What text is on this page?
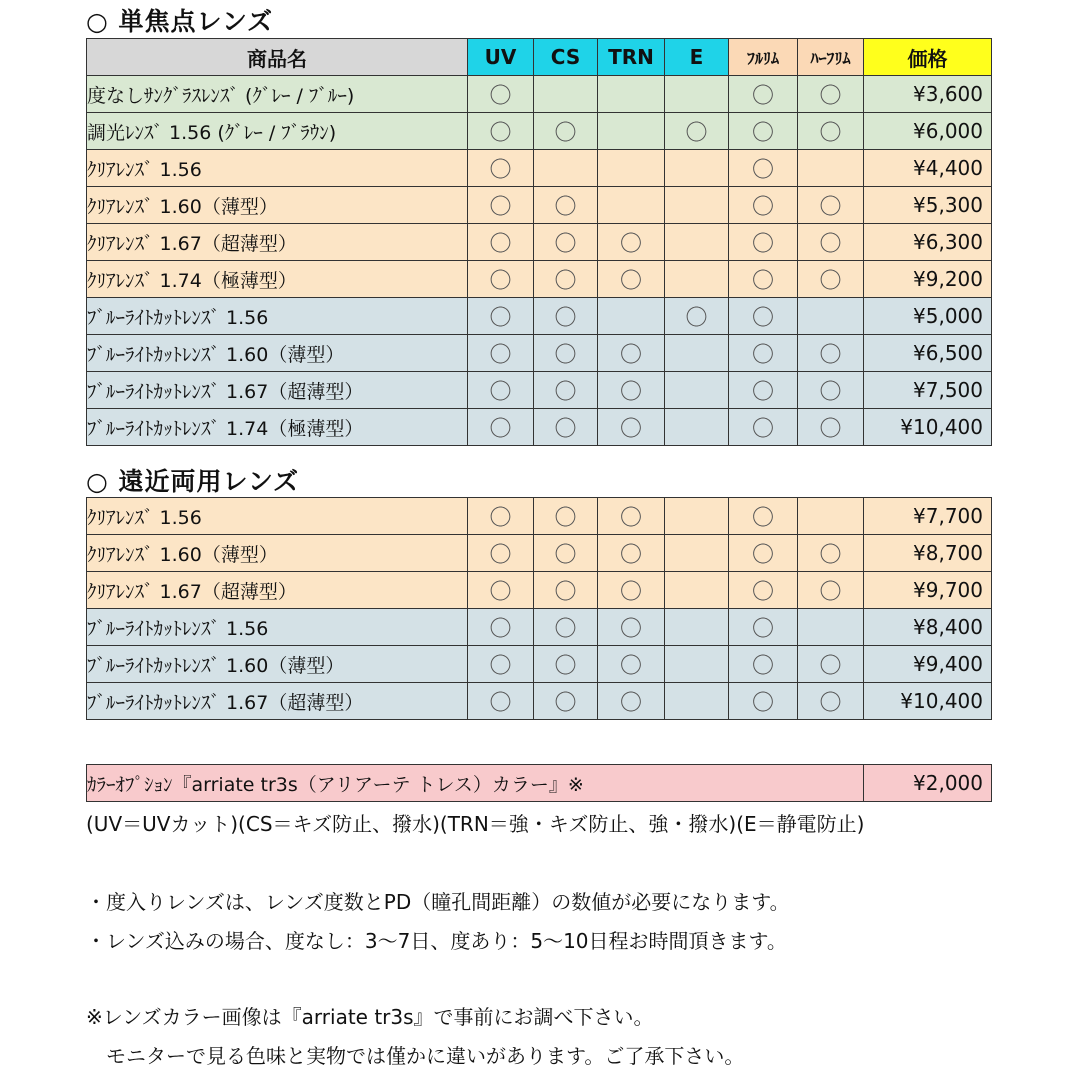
○ 単焦点レンズ
商品名	UV	CS	TRN	E	ﾌﾙﾘﾑ	ﾊｰﾌﾘﾑ	価格
度なしｻﾝｸﾞﾗｽﾚﾝｽﾞ (ｸﾞﾚｰ / ﾌﾞﾙｰ)	〇				〇	〇	¥3,600
調光ﾚﾝｽﾞ 1.56 (ｸﾞﾚｰ / ﾌﾞﾗｳﾝ)	〇	〇		〇	〇	〇	¥6,000
ｸﾘｱﾚﾝｽﾞ 1.56	〇				〇		¥4,400
ｸﾘｱﾚﾝｽﾞ 1.60（薄型）	〇	〇			〇	〇	¥5,300
ｸﾘｱﾚﾝｽﾞ 1.67（超薄型）	〇	〇	〇		〇	〇	¥6,300
ｸﾘｱﾚﾝｽﾞ 1.74（極薄型）	〇	〇	〇		〇	〇	¥9,200
ﾌﾞﾙｰﾗｲﾄｶｯﾄﾚﾝｽﾞ 1.56	〇	〇		〇	〇		¥5,000
ﾌﾞﾙｰﾗｲﾄｶｯﾄﾚﾝｽﾞ 1.60（薄型）	〇	〇	〇		〇	〇	¥6,500
ﾌﾞﾙｰﾗｲﾄｶｯﾄﾚﾝｽﾞ 1.67（超薄型）	〇	〇	〇		〇	〇	¥7,500
ﾌﾞﾙｰﾗｲﾄｶｯﾄﾚﾝｽﾞ 1.74（極薄型）	〇	〇	〇		〇	〇	¥10,400
○ 遠近両用レンズ
ｸﾘｱﾚﾝｽﾞ 1.56	〇	〇	〇		〇		¥7,700
ｸﾘｱﾚﾝｽﾞ 1.60（薄型）	〇	〇	〇		〇	〇	¥8,700
ｸﾘｱﾚﾝｽﾞ 1.67（超薄型）	〇	〇	〇		〇	〇	¥9,700
ﾌﾞﾙｰﾗｲﾄｶｯﾄﾚﾝｽﾞ 1.56	〇	〇	〇		〇		¥8,400
ﾌﾞﾙｰﾗｲﾄｶｯﾄﾚﾝｽﾞ 1.60（薄型）	〇	〇	〇		〇	〇	¥9,400
ﾌﾞﾙｰﾗｲﾄｶｯﾄﾚﾝｽﾞ 1.67（超薄型）	〇	〇	〇		〇	〇	¥10,400
ｶﾗｰｵﾌﾟｼｮﾝ『arriate tr3s（アリアーテ トレス）カラー』※	¥2,000
(UV＝UVカット)(CS＝キズ防止、撥水)(TRN＝強・キズ防止、強・撥水)(E＝静電防止)
・度入りレンズは、レンズ度数とPD（瞳孔間距離）の数値が必要になります。
・レンズ込みの場合、度なし：3〜7日、度あり：5〜10日程お時間頂きます。
※レンズカラー画像は『arriate tr3s』で事前にお調べ下さい。
　モニターで見る色味と実物では僅かに違いがあります。ご了承下さい。
